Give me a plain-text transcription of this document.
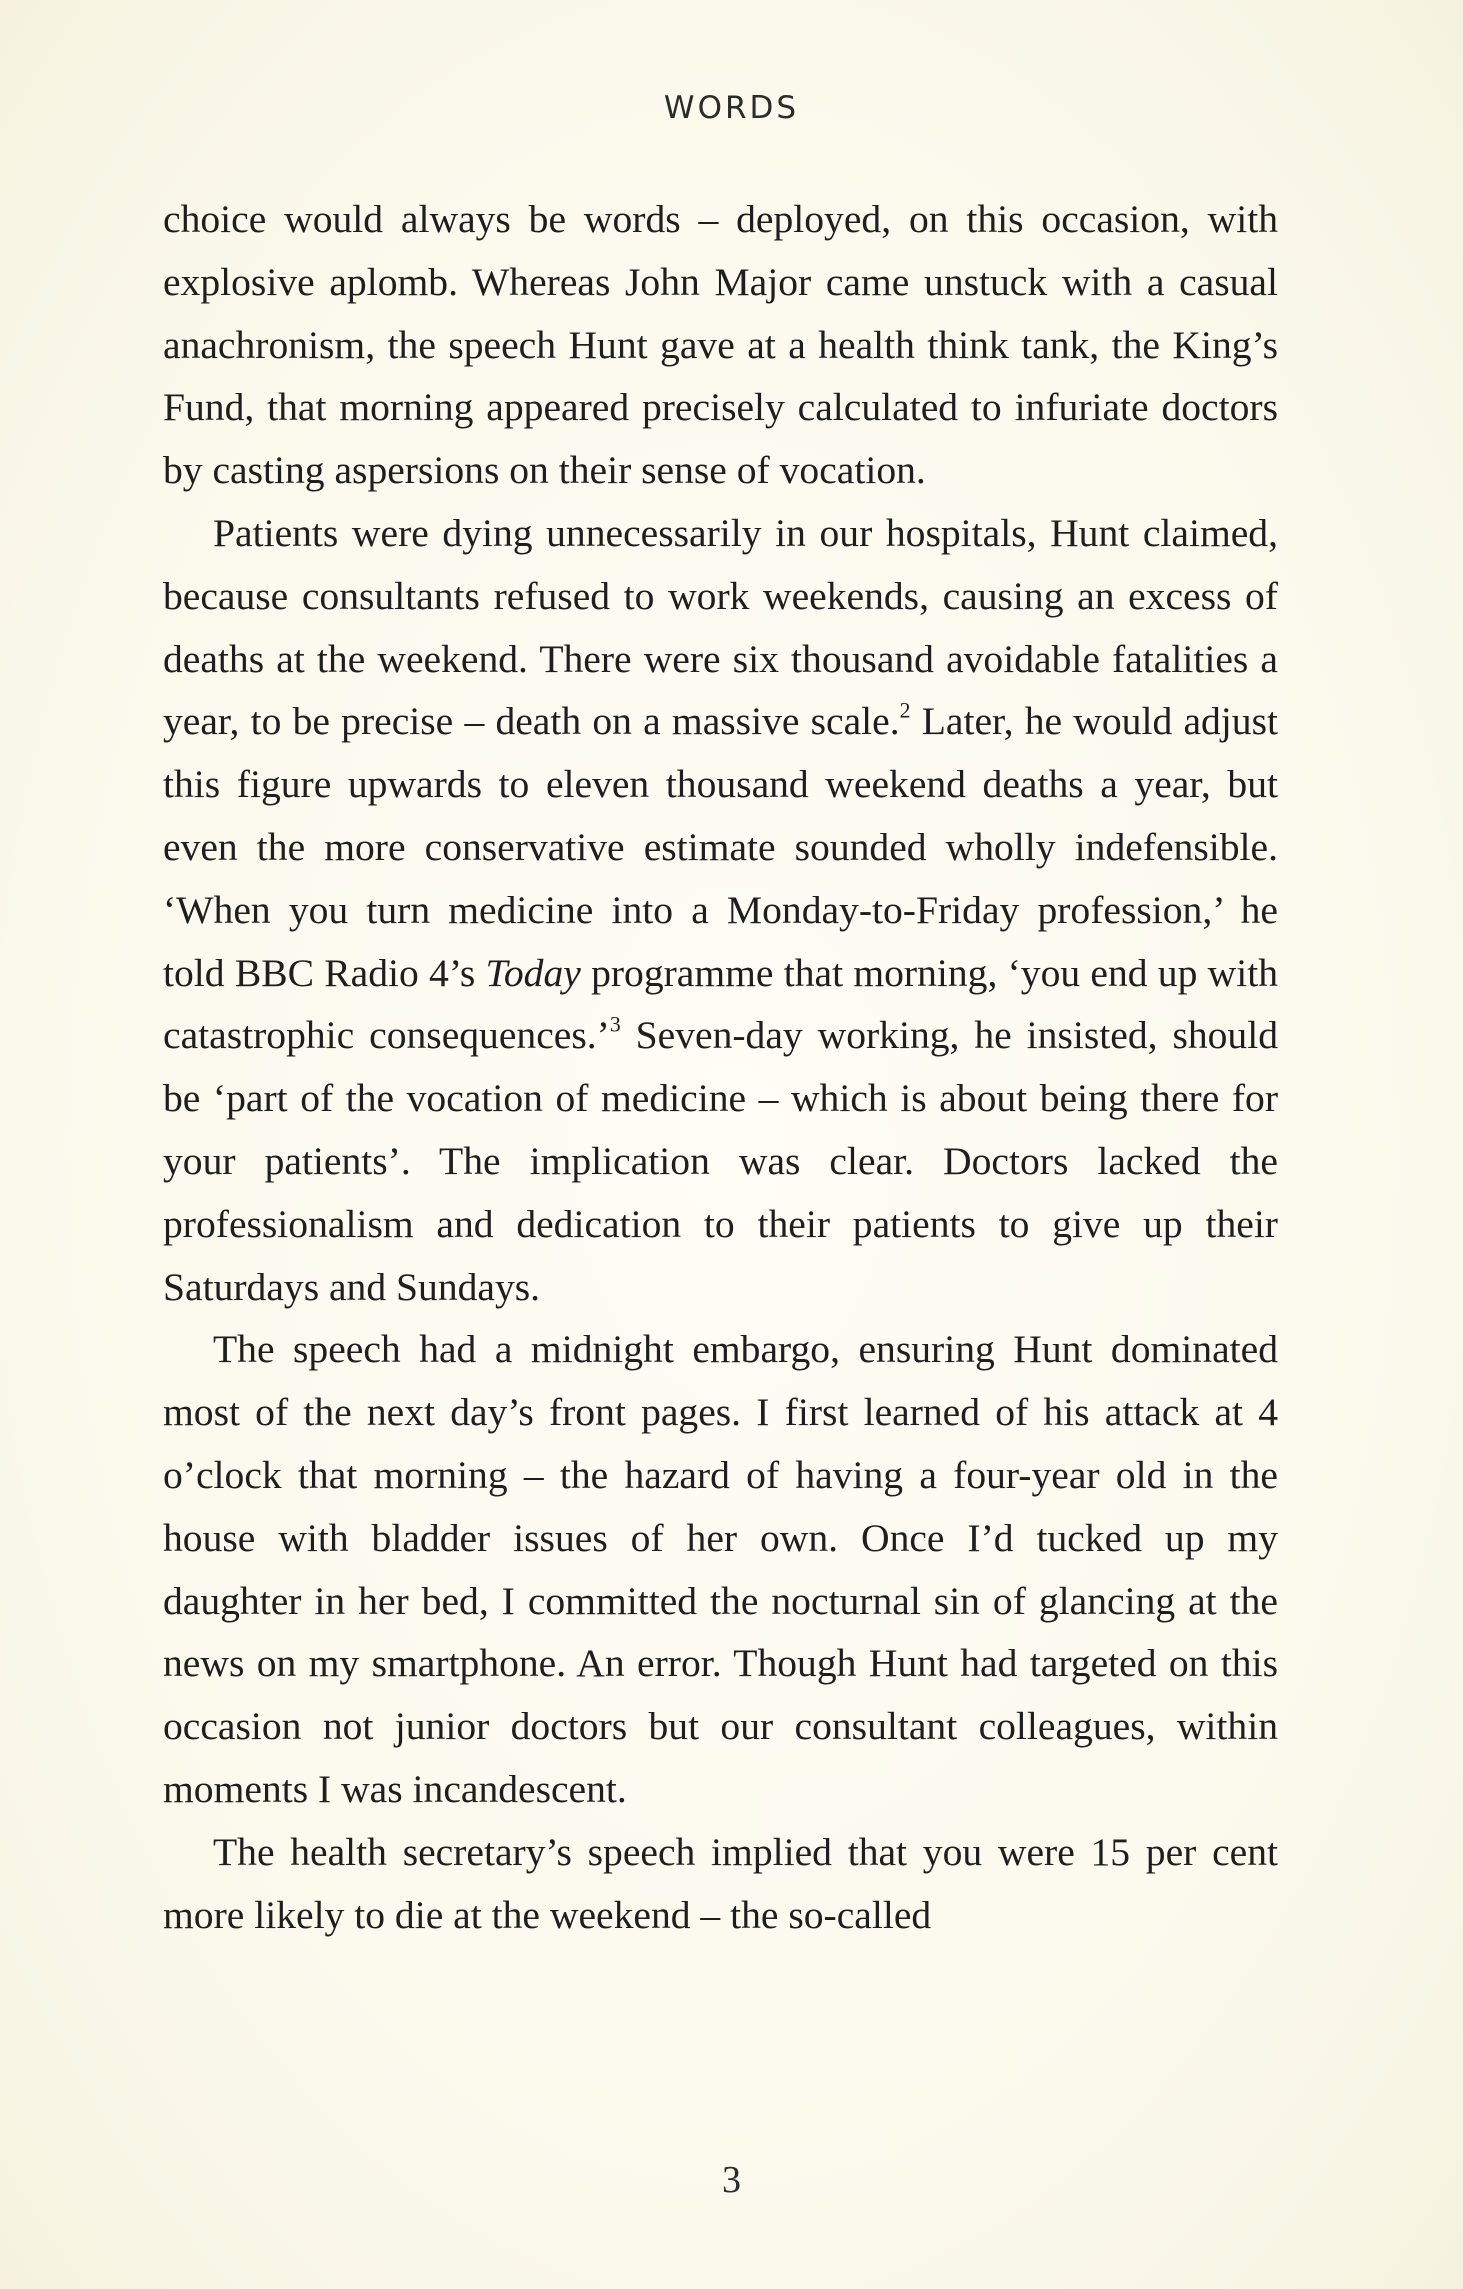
WORDS

choice would always be words – deployed, on this occasion, with explosive aplomb. Whereas John Major came unstuck with a casual anachronism, the speech Hunt gave at a health think tank, the King’s Fund, that morning appeared precisely calculated to infuriate doctors by casting aspersions on their sense of vocation.

Patients were dying unnecessarily in our hospitals, Hunt claimed, because consultants refused to work weekends, causing an excess of deaths at the weekend. There were six thousand avoidable fatalities a year, to be precise – death on a massive scale.$^2$ Later, he would adjust this figure upwards to eleven thousand weekend deaths a year, but even the more conservative estimate sounded wholly indefensible. ‘When you turn medicine into a Monday-to-Friday profession,’ he told BBC Radio 4’s Today programme that morning, ‘you end up with catastrophic consequences.’$^3$ Seven-day working, he insisted, should be ‘part of the vocation of medicine – which is about being there for your patients’. The implication was clear. Doctors lacked the professionalism and dedication to their patients to give up their Saturdays and Sundays.

The speech had a midnight embargo, ensuring Hunt dominated most of the next day’s front pages. I first learned of his attack at 4 o’clock that morning – the hazard of having a four-year old in the house with bladder issues of her own. Once I’d tucked up my daughter in her bed, I committed the nocturnal sin of glancing at the news on my smartphone. An error. Though Hunt had targeted on this occasion not junior doctors but our consultant colleagues, within moments I was incandescent.

The health secretary’s speech implied that you were 15 per cent more likely to die at the weekend – the so-called

3
